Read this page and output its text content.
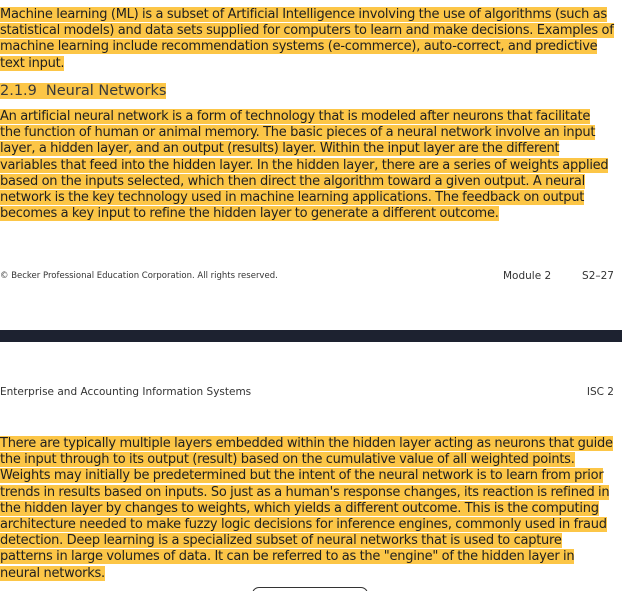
Machine learning (ML) is a subset of Artificial Intelligence involving the use of algorithms (such as statistical models) and data sets supplied for computers to learn and make decisions. Examples of machine learning include recommendation systems (e-commerce), auto-correct, and predictive text input.

2.1.9 Neural Networks

An artificial neural network is a form of technology that is modeled after neurons that facilitate the function of human or animal memory. The basic pieces of a neural network involve an input layer, a hidden layer, and an output (results) layer. Within the input layer are the different variables that feed into the hidden layer. In the hidden layer, there are a series of weights applied based on the inputs selected, which then direct the algorithm toward a given output. A neural network is the key technology used in machine learning applications. The feedback on output becomes a key input to refine the hidden layer to generate a different outcome.

© Becker Professional Education Corporation. All rights reserved.	Module 2	S2–27
Enterprise and Accounting Information Systems	ISC 2

There are typically multiple layers embedded within the hidden layer acting as neurons that guide the input through to its output (result) based on the cumulative value of all weighted points. Weights may initially be predetermined but the intent of the neural network is to learn from prior trends in results based on inputs. So just as a human's response changes, its reaction is refined in the hidden layer by changes to weights, which yields a different outcome. This is the computing architecture needed to make fuzzy logic decisions for inference engines, commonly used in fraud detection. Deep learning is a specialized subset of neural networks that is used to capture patterns in large volumes of data. It can be referred to as the "engine" of the hidden layer in neural networks.
